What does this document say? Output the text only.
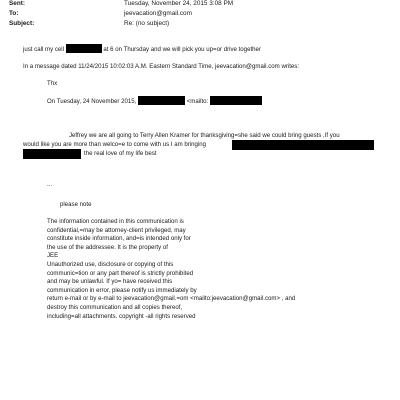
Sent:	Tuesday, November 24, 2015 3:08 PM
To:	jeevacation@gmail.com
Subject:	Re: (no subject)
just call my cell	at 6 on Thursday and we will pick you up=or drive together
In a message dated 11/24/2015 10:02:03 A.M. Eastern Standard Time, jeevacation@gmail.com writes:
Thx
On Tuesday, 24 November 2015,	<mailto:
Jeffrey we are all going to Terry Allen Kramer for thanksgiving=she said we could bring guests ,If you
would like you are more than welco=e to come with us I am bringing
the real love of my life best
...
please note
The information contained in this communication is
confidential,=may be attorney-client privileged, may
constitute inside information, and=is intended only for
the use of the addressee. It is the property of
JEE
Unauthorized use, disclosure or copying of this
communic=tion or any part thereof is strictly prohibited
and may be unlawful. If yo= have received this
communication in error, please notify us immediately by
return e-mail or by e-mail to jeevacation@gmail.=om <mailto:jeevacation@gmail.com> , and
destroy this communication and all copies thereof,
including=all attachments. copyright -all rights reserved
